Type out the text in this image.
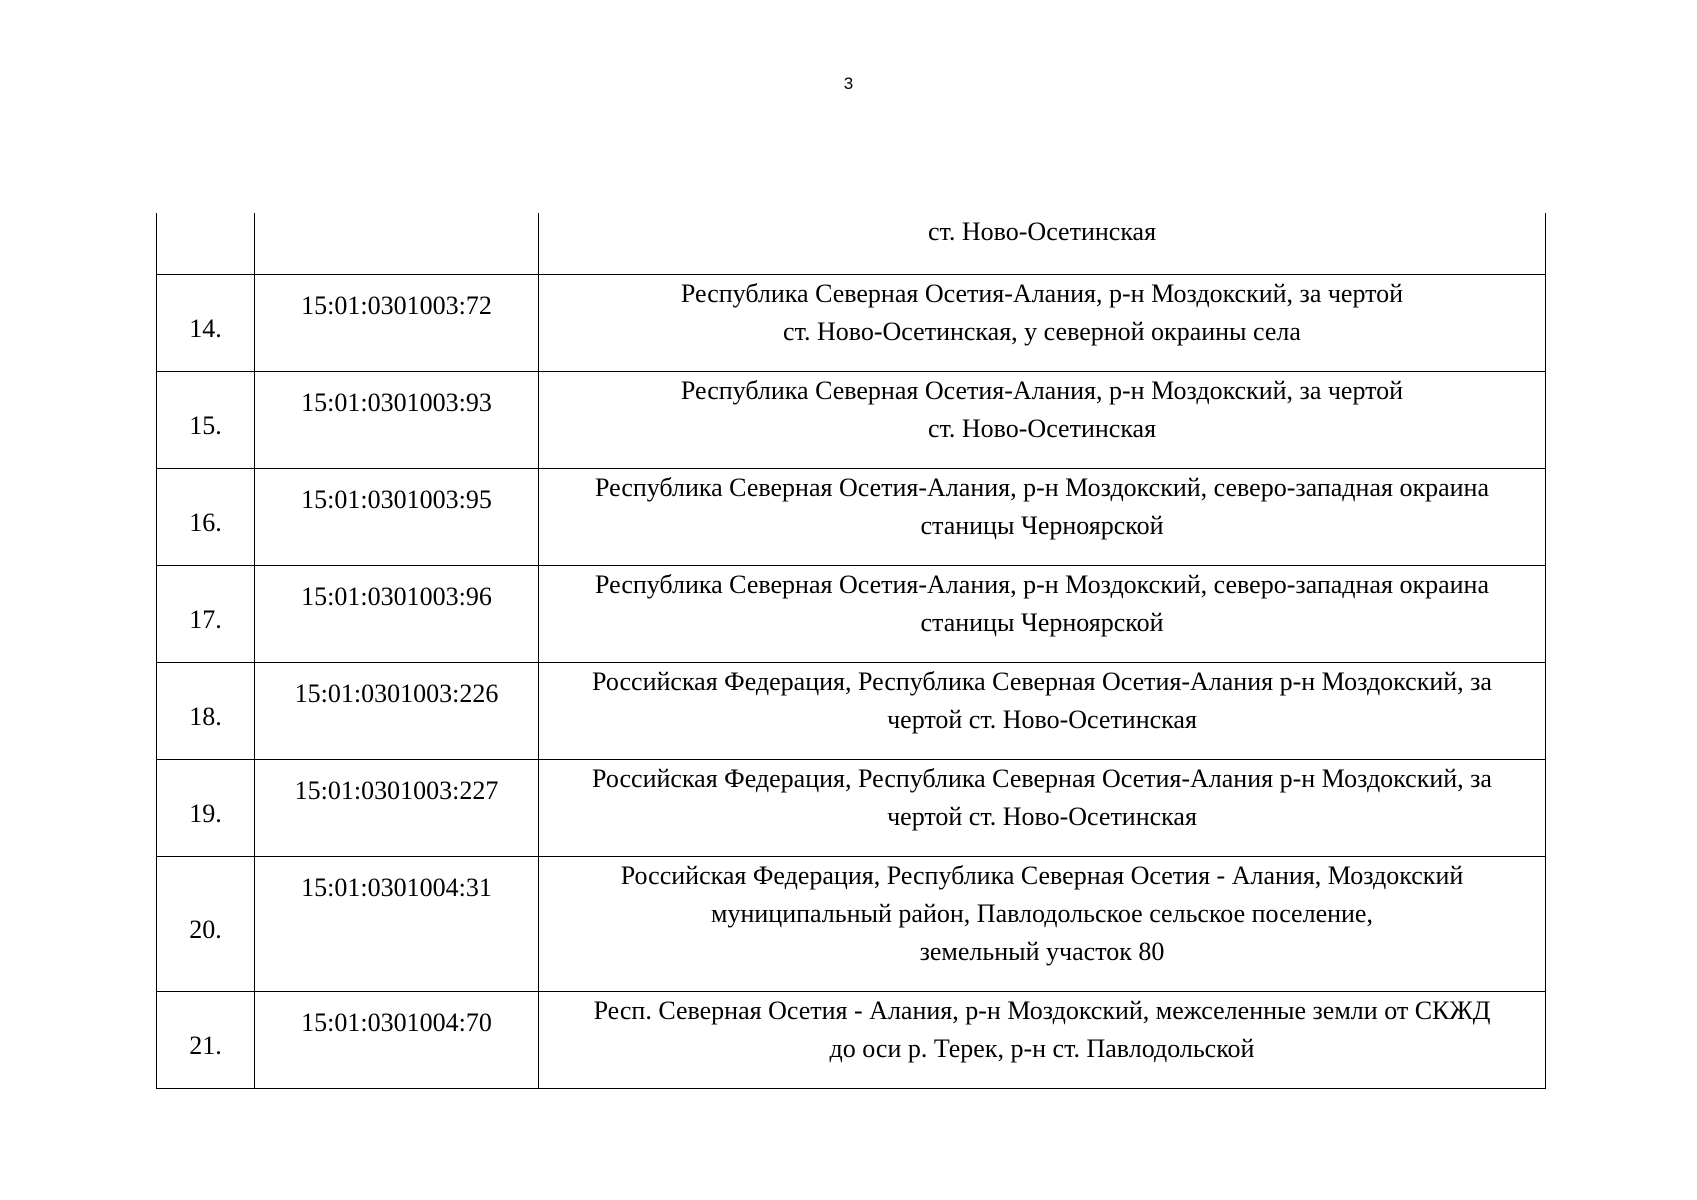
3

		ст. Ново-Осетинская

14.	15:01:0301003:72	Республика Северная Осетия-Алания, р-н Моздокский, за чертой
ст. Ново-Осетинская, у северной окраины села

15.	15:01:0301003:93	Республика Северная Осетия-Алания, р-н Моздокский, за чертой
ст. Ново-Осетинская

16.	15:01:0301003:95	Республика Северная Осетия-Алания, р-н Моздокский, северо-западная окраина
станицы Черноярской

17.	15:01:0301003:96	Республика Северная Осетия-Алания, р-н Моздокский, северо-западная окраина
станицы Черноярской

18.	15:01:0301003:226	Российская Федерация, Республика Северная Осетия-Алания р-н Моздокский, за
чертой ст. Ново-Осетинская

19.	15:01:0301003:227	Российская Федерация, Республика Северная Осетия-Алания р-н Моздокский, за
чертой ст. Ново-Осетинская

20.	15:01:0301004:31	Российская Федерация, Республика Северная Осетия - Алания, Моздокский
муниципальный район, Павлодольское сельское поселение,
земельный участок 80

21.	15:01:0301004:70	Респ. Северная Осетия - Алания, р-н Моздокский, межселенные земли от СКЖД
до оси р. Терек, р-н ст. Павлодольской
